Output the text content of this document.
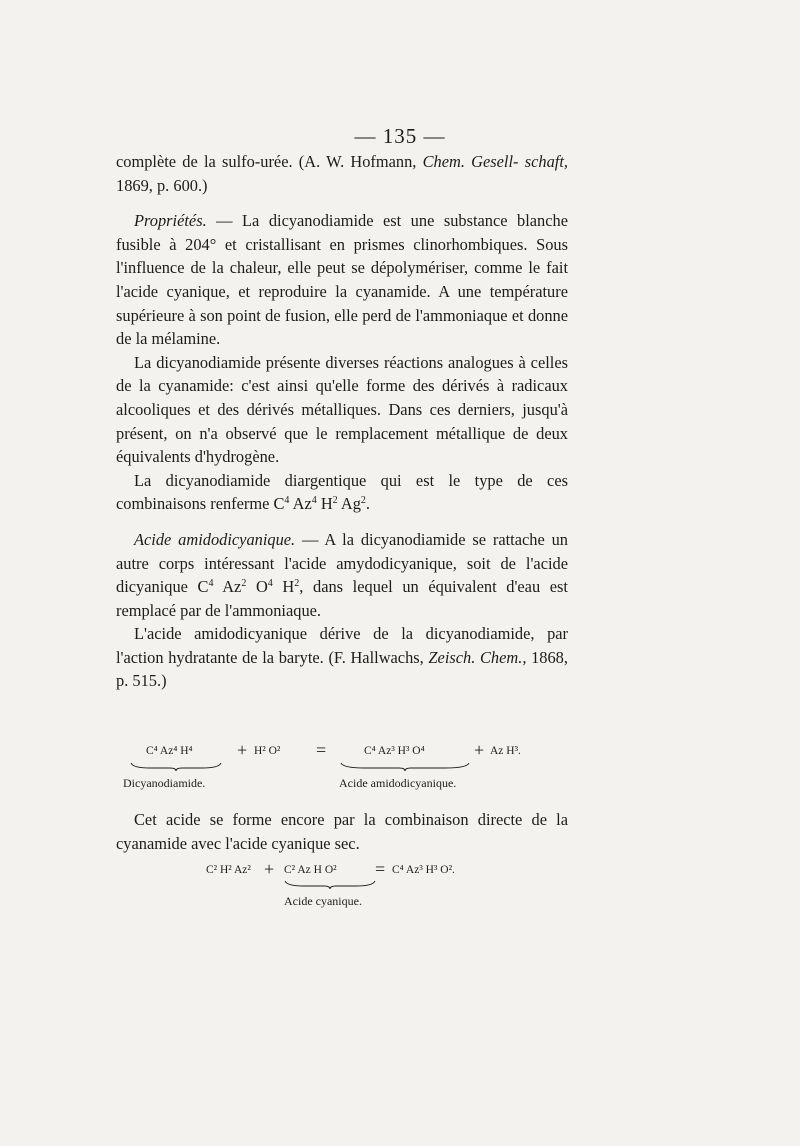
— 135 —

complète de la sulfo-urée. (A. W. Hofmann, Chem. Gesell- schaft, 1869, p. 600.)

Propriétés. — La dicyanodiamide est une substance blanche fusible à 204° et cristallisant en prismes clinorhombiques. Sous l'influence de la chaleur, elle peut se dépolymériser, comme le fait l'acide cyanique, et reproduire la cyanamide. A une température supérieure à son point de fusion, elle perd de l'ammoniaque et donne de la mélamine.

La dicyanodiamide présente diverses réactions analogues à celles de la cyanamide: c'est ainsi qu'elle forme des dérivés à radicaux alcooliques et des dérivés métalliques. Dans ces derniers, jusqu'à présent, on n'a observé que le remplacement métallique de deux équivalents d'hydrogène.

La dicyanodiamide diargentique qui est le type de ces combinaisons renferme $C^4$ Az$^4$ $H^2$ Ag$^2$.

Acide amidodicyanique. — A la dicyanodiamide se rattache un autre corps intéressant l'acide amydodicyanique, soit de l'acide dicyanique $C^4$ Az$^2$ $O^4$ $H^2$, dans lequel un équivalent d'eau est remplacé par de l'ammoniaque.

L'acide amidodicyanique dérive de la dicyanodiamide, par l'action hydratante de la baryte. (F. Hallwachs, Zeisch. Chem., 1868, p. 515.)

C⁴ Az⁴ H⁴ + H² O² =	C⁴ Az³ H³ O⁴	+ Az H³.
Dicyanodiamide.	Acide amidodicyanique.

Cet acide se forme encore par la combinaison directe de la cyanamide avec l'acide cyanique sec.

C² H² Az² + C² Az H O² = C⁴ Az³ H³ O².
Acide cyanique.
